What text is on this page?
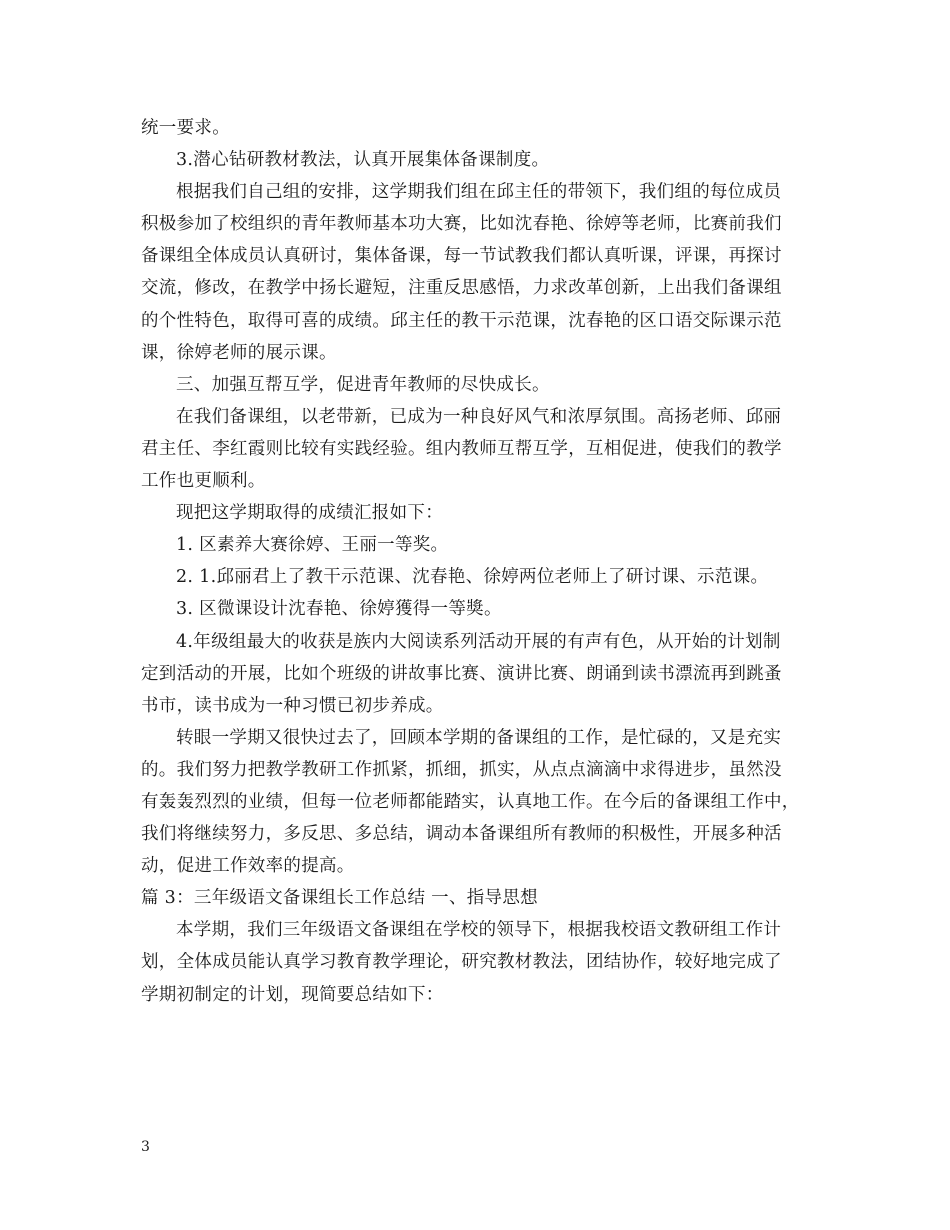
统一要求。
3.潜心钻研教材教法，认真开展集体备课制度。
根据我们自己组的安排，这学期我们组在邱主任的带领下，我们组的每位成员
积极参加了校组织的青年教师基本功大赛，比如沈春艳、徐婷等老师，比赛前我们
备课组全体成员认真研讨，集体备课，每一节试教我们都认真听课，评课，再探讨
交流，修改，在教学中扬长避短，注重反思感悟，力求改革创新，上出我们备课组
的个性特色，取得可喜的成绩。邱主任的教干示范课，沈春艳的区口语交际课示范
课，徐婷老师的展示课。
三、加强互帮互学，促进青年教师的尽快成长。
在我们备课组，以老带新，已成为一种良好风气和浓厚氛围。高扬老师、邱丽
君主任、李红霞则比较有实践经验。组内教师互帮互学，互相促进，使我们的教学
工作也更顺利。
现把这学期取得的成绩汇报如下：
1. 区素养大赛徐婷、王丽一等奖。
2. 1.邱丽君上了教干示范课、沈春艳、徐婷两位老师上了研讨课、示范课。
3. 区微课设计沈春艳、徐婷獲得一等獎。
4.年级组最大的收获是族内大阅读系列活动开展的有声有色，从开始的计划制
定到活动的开展，比如个班级的讲故事比赛、演讲比赛、朗诵到读书漂流再到跳蚤
书市，读书成为一种习惯已初步养成。
转眼一学期又很快过去了，回顾本学期的备课组的工作，是忙碌的，又是充实
的。我们努力把教学教研工作抓紧，抓细，抓实，从点点滴滴中求得进步，虽然没
有轰轰烈烈的业绩，但每一位老师都能踏实，认真地工作。在今后的备课组工作中，
我们将继续努力，多反思、多总结，调动本备课组所有教师的积极性，开展多种活
动，促进工作效率的提高。
篇 3：三年级语文备课组长工作总结 一、指导思想
本学期，我们三年级语文备课组在学校的领导下，根据我校语文教研组工作计
划，全体成员能认真学习教育教学理论，研究教材教法，团结协作，较好地完成了
学期初制定的计划，现简要总结如下：
3
